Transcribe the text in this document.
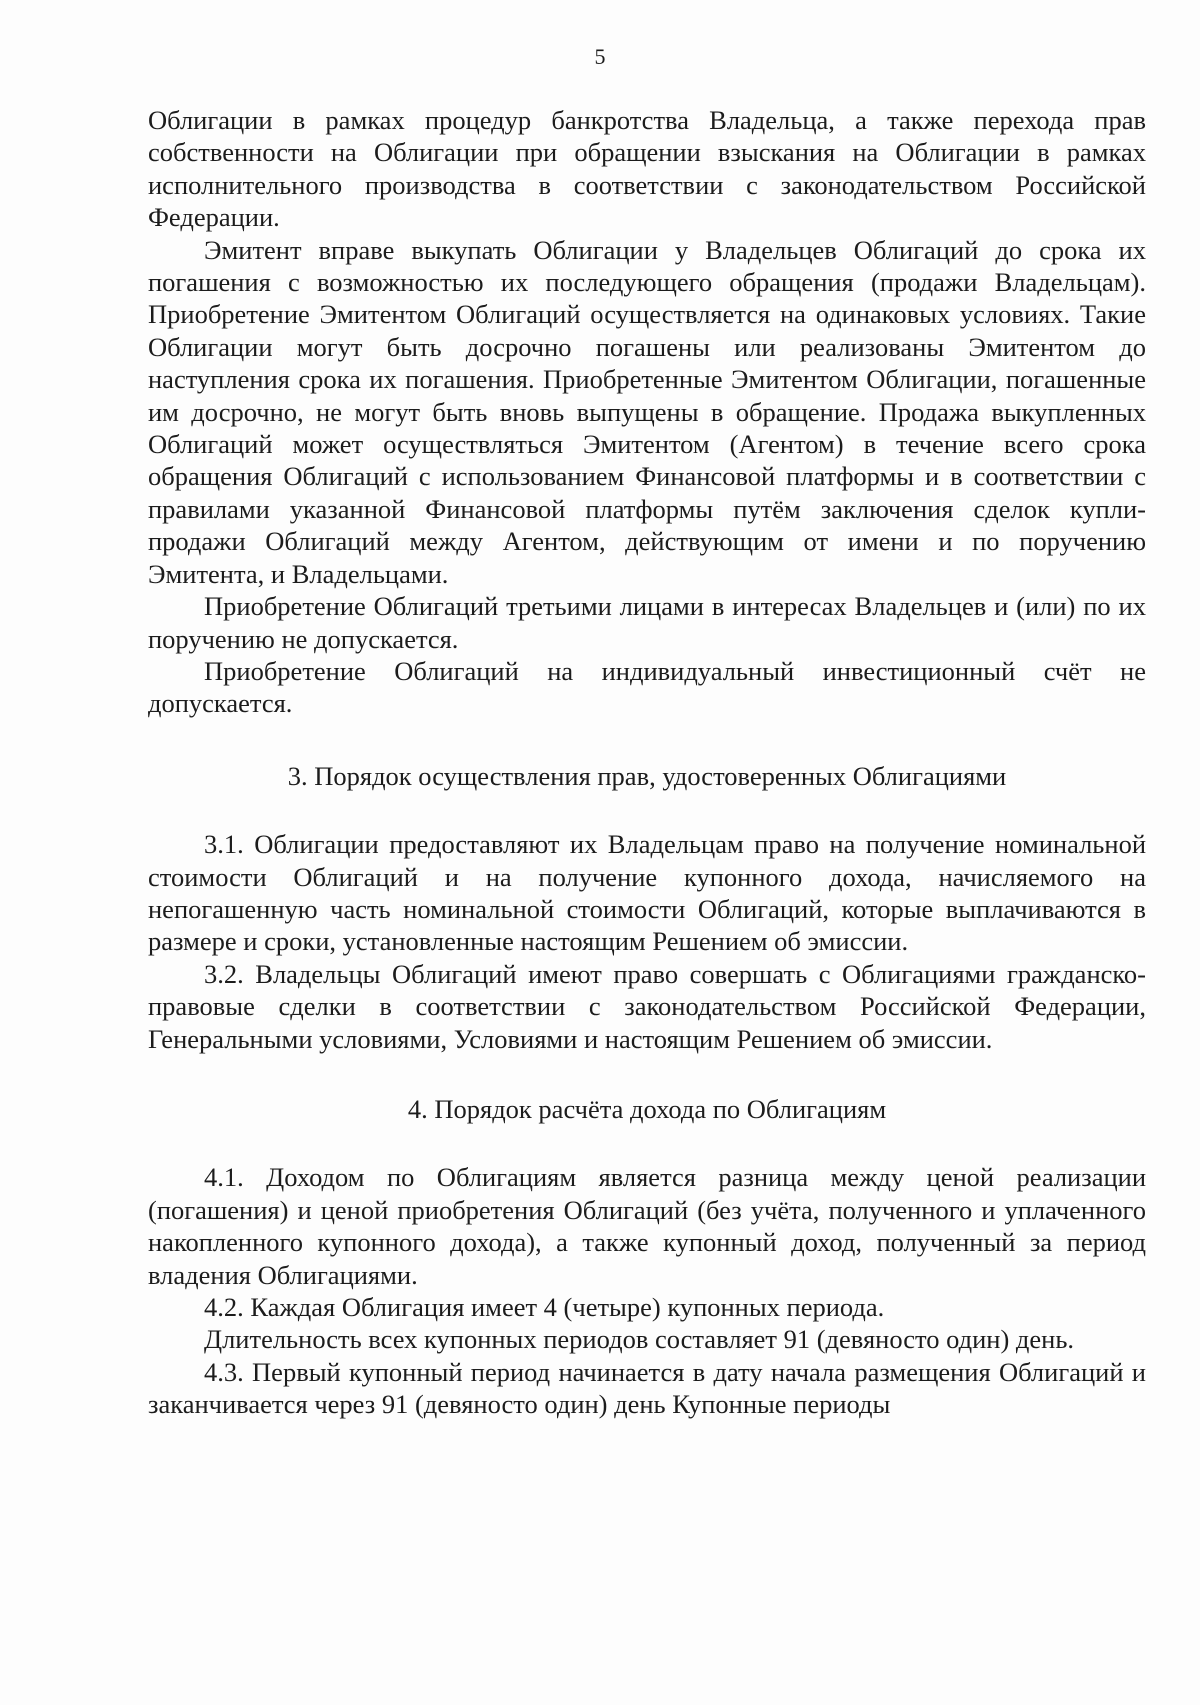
5

Облигации в рамках процедур банкротства Владельца, а также перехода прав собственности на Облигации при обращении взыскания на Облигации в рамках исполнительного производства в соответствии с законодательством Российской Федерации.

Эмитент вправе выкупать Облигации у Владельцев Облигаций до срока их погашения с возможностью их последующего обращения (продажи Владельцам). Приобретение Эмитентом Облигаций осуществляется на одинаковых условиях. Такие Облигации могут быть досрочно погашены или реализованы Эмитентом до наступления срока их погашения. Приобретенные Эмитентом Облигации, погашенные им досрочно, не могут быть вновь выпущены в обращение. Продажа выкупленных Облигаций может осуществляться Эмитентом (Агентом) в течение всего срока обращения Облигаций с использованием Финансовой платформы и в соответствии с правилами указанной Финансовой платформы путём заключения сделок купли-продажи Облигаций между Агентом, действующим от имени и по поручению Эмитента, и Владельцами.

Приобретение Облигаций третьими лицами в интересах Владельцев и (или) по их поручению не допускается.

Приобретение Облигаций на индивидуальный инвестиционный счёт не допускается.

3. Порядок осуществления прав, удостоверенных Облигациями

3.1. Облигации предоставляют их Владельцам право на получение номинальной стоимости Облигаций и на получение купонного дохода, начисляемого на непогашенную часть номинальной стоимости Облигаций, которые выплачиваются в размере и сроки, установленные настоящим Решением об эмиссии.

3.2. Владельцы Облигаций имеют право совершать с Облигациями гражданско-правовые сделки в соответствии с законодательством Российской Федерации, Генеральными условиями, Условиями и настоящим Решением об эмиссии.

4. Порядок расчёта дохода по Облигациям

4.1. Доходом по Облигациям является разница между ценой реализации (погашения) и ценой приобретения Облигаций (без учёта, полученного и уплаченного накопленного купонного дохода), а также купонный доход, полученный за период владения Облигациями.

4.2. Каждая Облигация имеет 4 (четыре) купонных периода.

Длительность всех купонных периодов составляет 91 (девяносто один) день.

4.3. Первый купонный период начинается в дату начала размещения Облигаций и заканчивается через 91 (девяносто один) день Купонные периоды
